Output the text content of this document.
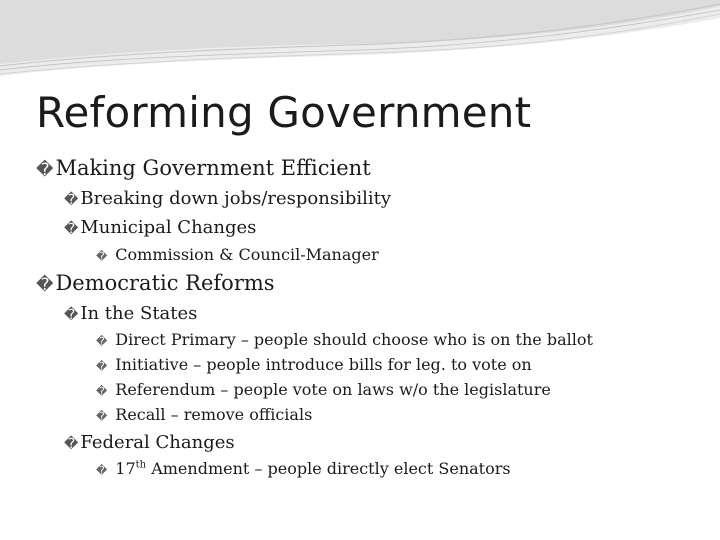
Reforming Government
�Making Government Efficient
� Breaking down jobs/responsibility
� Municipal Changes
� Commission & Council-Manager
�Democratic Reforms
� In the States
� Direct Primary – people should choose who is on the ballot
� Initiative – people introduce bills for leg. to vote on
� Referendum – people vote on laws w/o the legislature
� Recall – remove officials
� Federal Changes
� 17th Amendment – people directly elect Senators
